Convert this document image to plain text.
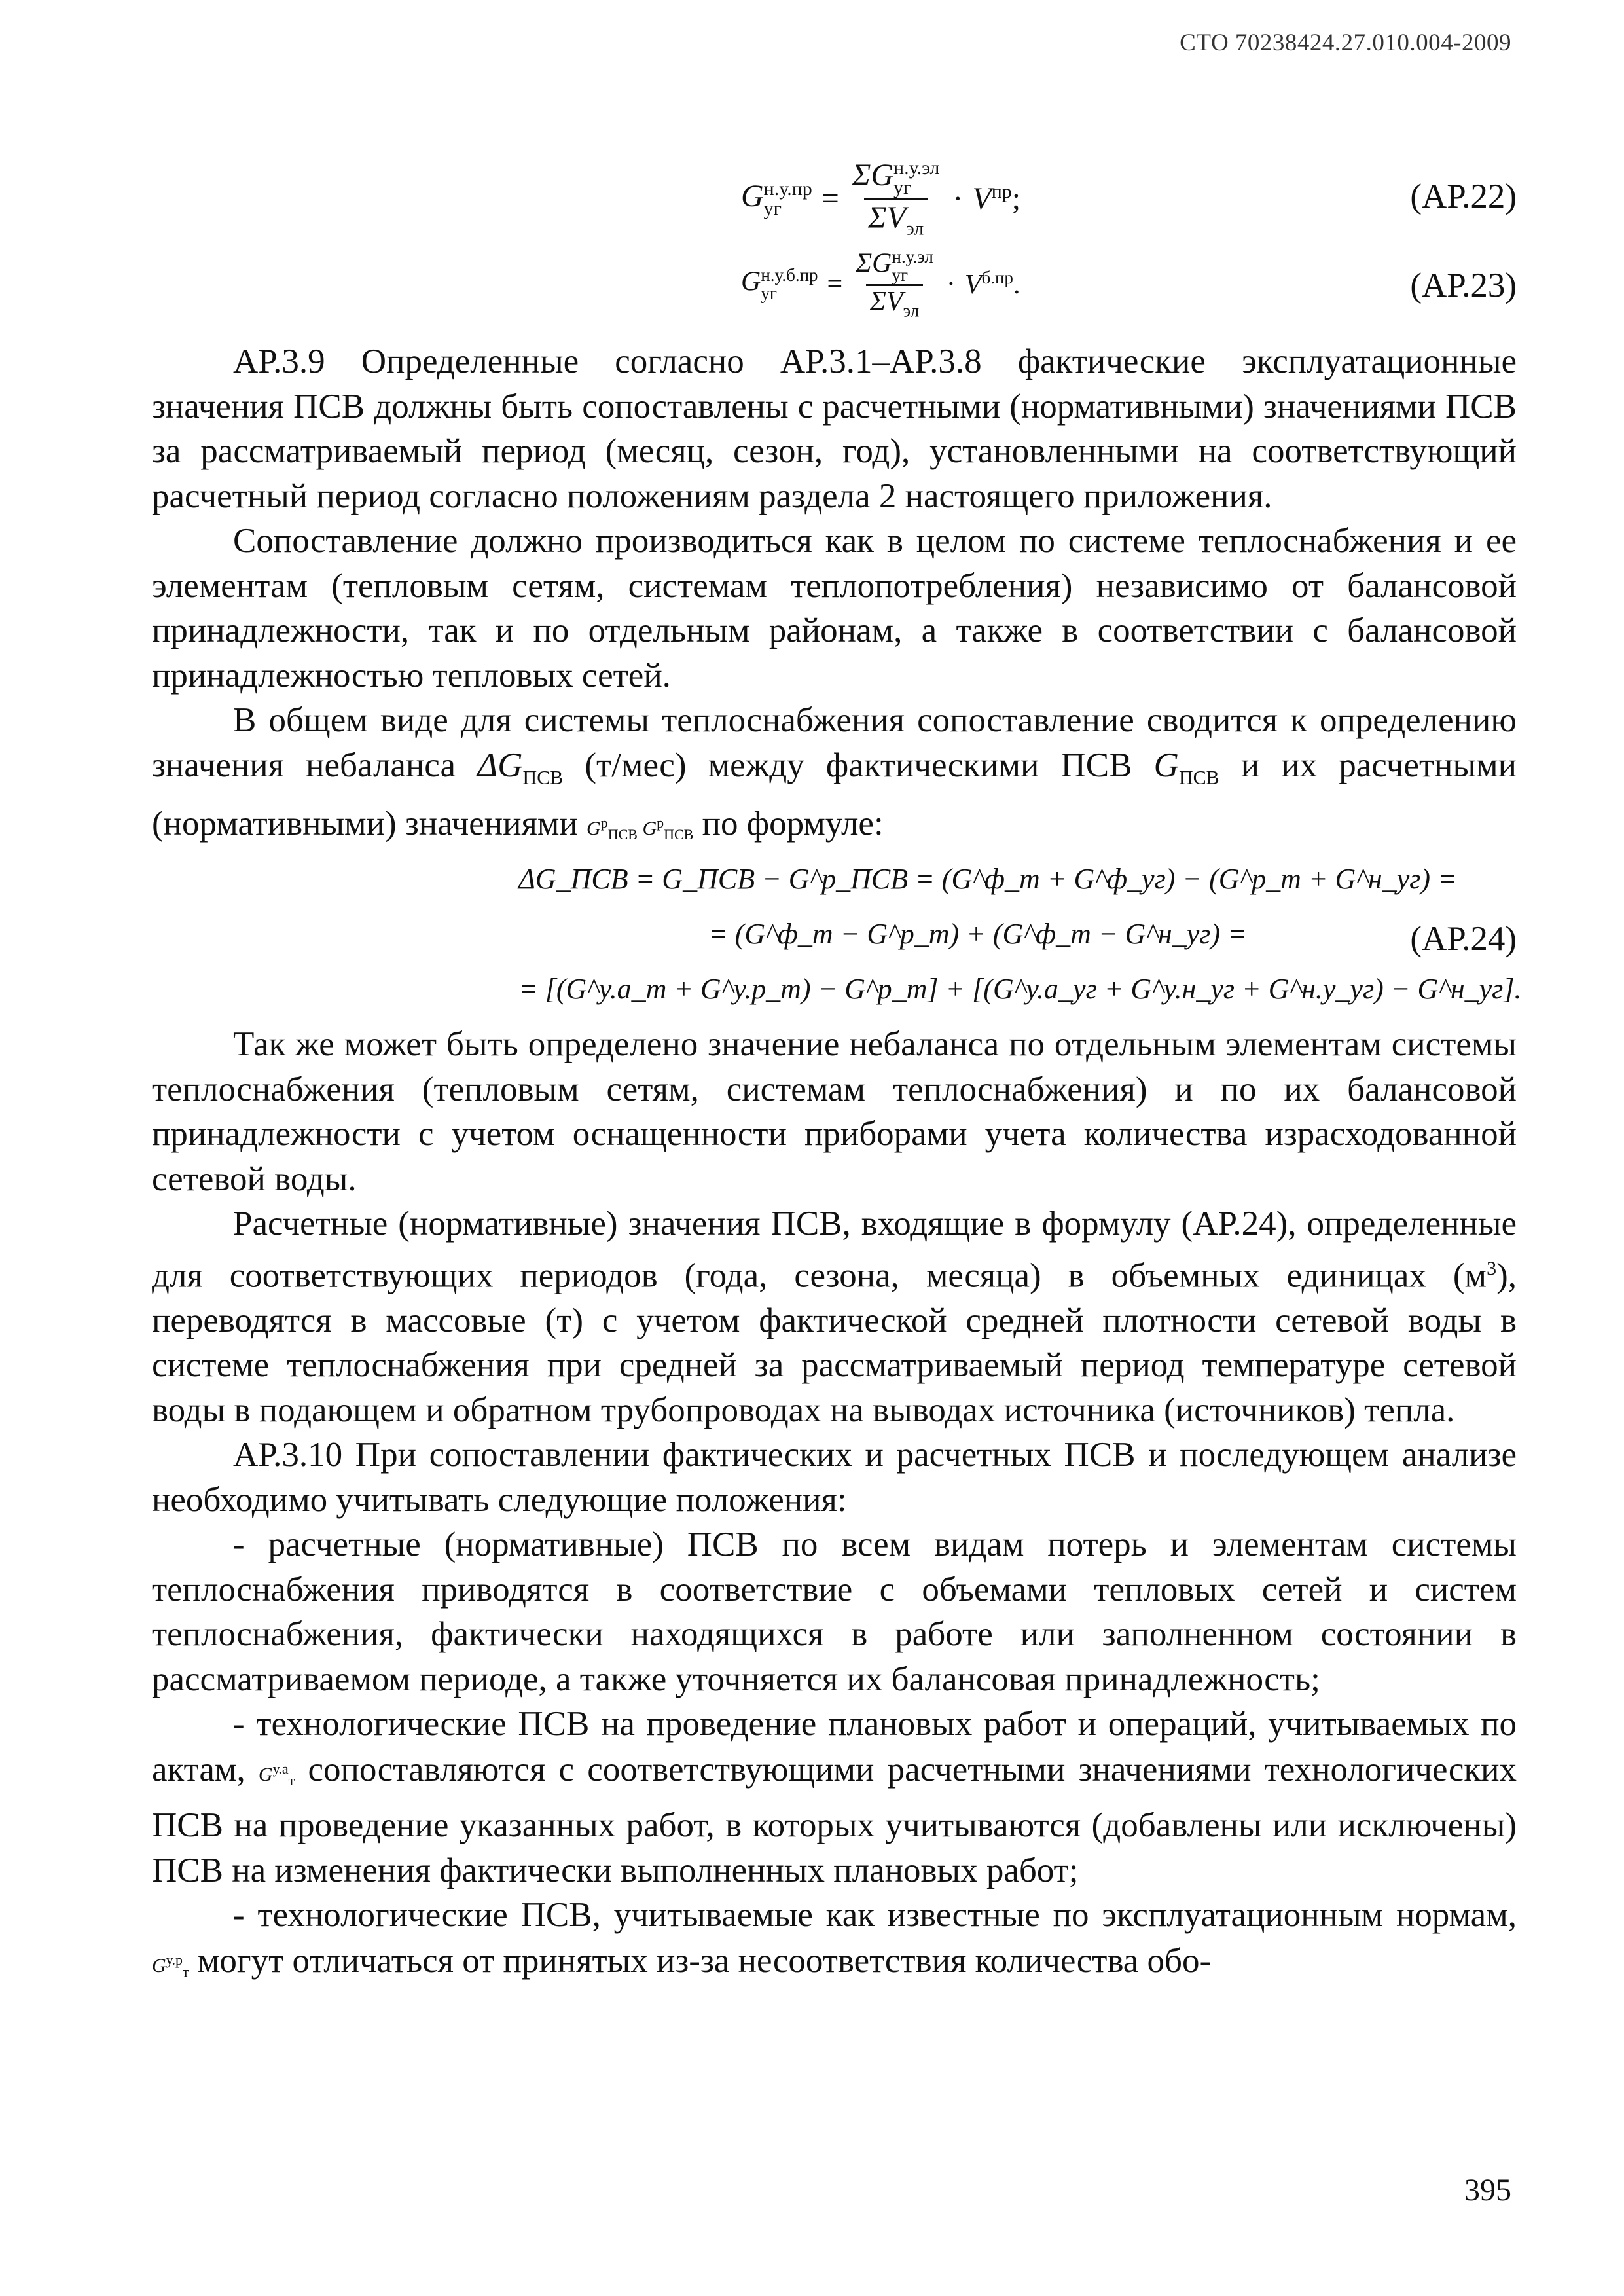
СТО 70238424.27.010.004-2009
G н.у.пр
уг	= ΣG н.у.эл
уг
$\Sigma V_{эл} \cdot V^{пр}$;	(АР.22)
G н.у.б.пр
уг	= ΣG н.у.эл
уг
$\Sigma V_{эл} \cdot V^{б.пр}$.	(АР.23)

АР.3.9 Определенные согласно АР.3.1–АР.3.8 фактические эксплуатационные значения ПСВ должны быть сопоставлены с расчетными (нормативными) значениями ПСВ за рассматриваемый период (месяц, сезон, год), установленными на соответствующий расчетный период согласно положениям раздела 2 настоящего приложения.

Сопоставление должно производиться как в целом по системе теплоснабжения и ее элементам (тепловым сетям, системам теплопотребления) независимо от балансовой принадлежности, так и по отдельным районам, а также в соответствии с балансовой принадлежностью тепловых сетей.

В общем виде для системы теплоснабжения сопоставление сводится к определению значения небаланса $\Delta G_{ПСВ}$ (т/мес) между фактическими ПСВ $G_{ПСВ}$ и их расчетными (нормативными) значениями $G^р_{ПСВ}$ $G^р_{ПСВ}$ по формуле:

ΔG_ПСВ = G_ПСВ − G^р_ПСВ = (G^ф_т + G^ф_уг) − (G^р_т + G^н_уг) =
= (G^ф_т − G^р_т) + (G^ф_т − G^н_уг) =
= [(G^у.а_т + G^у.р_т) − G^р_т] + [(G^у.а_уг + G^у.н_уг + G^н.у_уг) − G^н_уг].
(АР.24)

Так же может быть определено значение небаланса по отдельным элементам системы теплоснабжения (тепловым сетям, системам теплоснабжения) и по их балансовой принадлежности с учетом оснащенности приборами учета количества израсходованной сетевой воды.

Расчетные (нормативные) значения ПСВ, входящие в формулу (АР.24), определенные для соответствующих периодов (года, сезона, месяца) в объемных единицах $(м^3)$, переводятся в массовые (т) с учетом фактической средней плотности сетевой воды в системе теплоснабжения при средней за рассматриваемый период температуре сетевой воды в подающем и обратном трубопроводах на выводах источника (источников) тепла.

АР.3.10 При сопоставлении фактических и расчетных ПСВ и последующем анализе необходимо учитывать следующие положения:

- расчетные (нормативные) ПСВ по всем видам потерь и элементам системы теплоснабжения приводятся в соответствие с объемами тепловых сетей и систем теплоснабжения, фактически находящихся в работе или заполненном состоянии в рассматриваемом периоде, а также уточняется их балансовая принадлежность;

- технологические ПСВ на проведение плановых работ и операций, учитываемых по актам, $G^{у.а}_т$ сопоставляются с соответствующими расчетными значениями технологических ПСВ на проведение указанных работ, в которых учитываются (добавлены или исключены) ПСВ на изменения фактически выполненных плановых работ;

- технологические ПСВ, учитываемые как известные по эксплуатационным нормам, $G^{у.р}_т$ могут отличаться от принятых из-за несоответствия количества обо-

395
